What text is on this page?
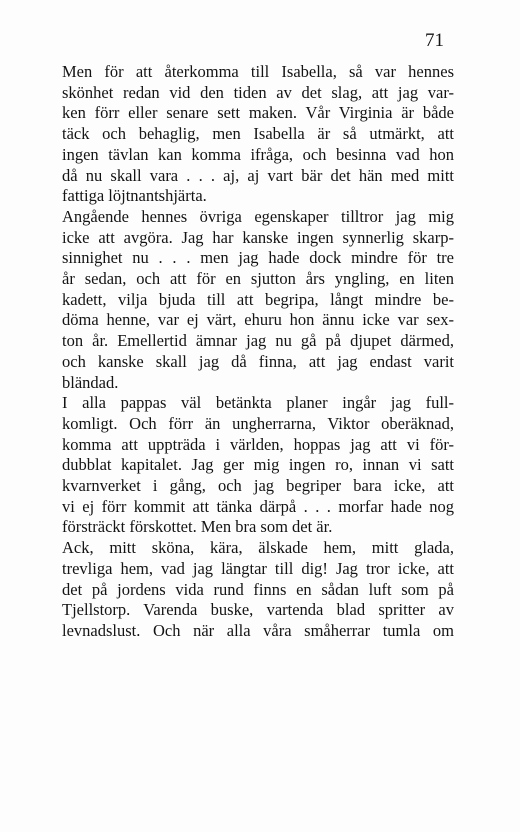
71
Men för att återkomma till Isabella, så var hennes
skönhet redan vid den tiden av det slag, att jag var-
ken förr eller senare sett maken. Vår Virginia är både
täck och behaglig, men Isabella är så utmärkt, att
ingen tävlan kan komma ifråga, och besinna vad hon
då nu skall vara . . . aj, aj vart bär det hän med mitt
fattiga löjtnantshjärta.
Angående hennes övriga egenskaper tilltror jag mig
icke att avgöra. Jag har kanske ingen synnerlig skarp-
sinnighet nu . . . men jag hade dock mindre för tre
år sedan, och att för en sjutton års yngling, en liten
kadett, vilja bjuda till att begripa, långt mindre be-
döma henne, var ej värt, ehuru hon ännu icke var sex-
ton år. Emellertid ämnar jag nu gå på djupet därmed,
och kanske skall jag då finna, att jag endast varit
bländad.
I alla pappas väl betänkta planer ingår jag full-
komligt. Och förr än ungherrarna, Viktor oberäknad,
komma att uppträda i världen, hoppas jag att vi för-
dubblat kapitalet. Jag ger mig ingen ro, innan vi satt
kvarnverket i gång, och jag begriper bara icke, att
vi ej förr kommit att tänka därpå . . . morfar hade nog
försträckt förskottet. Men bra som det är.
Ack, mitt sköna, kära, älskade hem, mitt glada,
trevliga hem, vad jag längtar till dig! Jag tror icke, att
det på jordens vida rund finns en sådan luft som på
Tjellstorp. Varenda buske, vartenda blad spritter av
levnadslust. Och när alla våra småherrar tumla om
